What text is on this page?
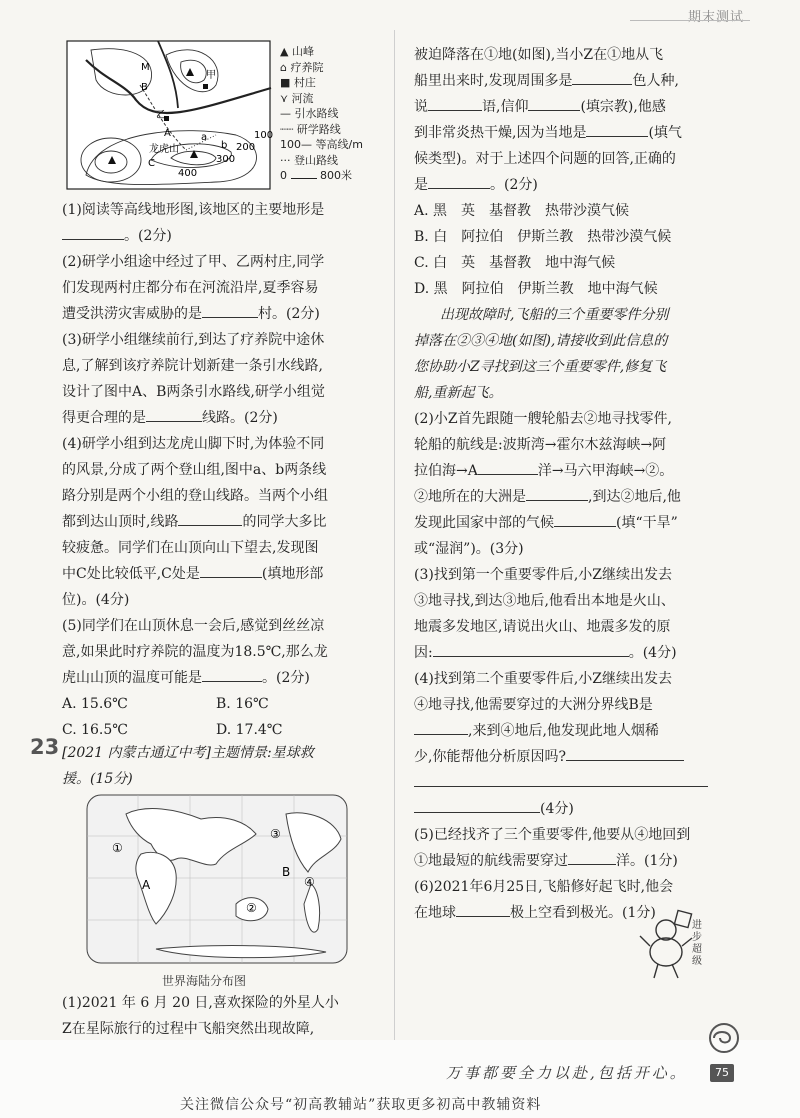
期末测试
M
B
甲
乙
a
b
C
龙虎山
400
300
200
100
A
▲ 山峰
⌂ 疗养院
■ 村庄
⋎ 河流
— 引水路线
┈┈ 研学路线
100— 等高线/m
··· 登山路线
0	800米
(1)阅读等高线地形图,该地区的主要地形是
。(2分)
(2)研学小组途中经过了甲、乙两村庄,同学
们发现两村庄都分布在河流沿岸,夏季容易
遭受洪涝灾害威胁的是	村。(2分)
(3)研学小组继续前行,到达了疗养院中途休
息,了解到该疗养院计划新建一条引水线路,
设计了图中A、B两条引水路线,研学小组觉
得更合理的是	线路。(2分)
(4)研学小组到达龙虎山脚下时,为体验不同
的风景,分成了两个登山组,图中a、b两条线
路分别是两个小组的登山线路。当两个小组
都到达山顶时,线路	的同学大多比
较疲惫。同学们在山顶向山下望去,发现图
中C处比较低平,C处是	(填地形部
位)。(4分)
(5)同学们在山顶休息一会后,感觉到丝丝凉
意,如果此时疗养院的温度为18.5℃,那么龙
虎山山顶的温度可能是	。(2分)
A. 15.6℃	B. 16℃
C. 16.5℃	D. 17.4℃
23 [2021 内蒙古通辽中考]主题情景:星球救
援。(15分)
①
②
③
④
A
B
世界海陆分布图
(1)2021 年 6 月 20 日,喜欢探险的外星人小
Z在星际旅行的过程中飞船突然出现故障,
被迫降落在①地(如图),当小Z在①地从飞
船里出来时,发现周围多是	色人种,
说	语,信仰	(填宗教),他感
到非常炎热干燥,因为当地是	(填气
候类型)。对于上述四个问题的回答,正确的
是	。(2分)
A. 黑　英　基督教　热带沙漠气候
B. 白　阿拉伯　伊斯兰教　热带沙漠气候
C. 白　英　基督教　地中海气候
D. 黑　阿拉伯　伊斯兰教　地中海气候
出现故障时,飞船的三个重要零件分别
掉落在②③④地(如图),请接收到此信息的
您协助小Z寻找到这三个重要零件,修复飞
船,重新起飞。
(2)小Z首先跟随一艘轮船去②地寻找零件,
轮船的航线是:波斯湾→霍尔木兹海峡→阿
拉伯海→A	洋→马六甲海峡→②。
②地所在的大洲是	,到达②地后,他
发现此国家中部的气候	(填“干旱”
或“湿润”)。(3分)
(3)找到第一个重要零件后,小Z继续出发去
③地寻找,到达③地后,他看出本地是火山、
地震多发地区,请说出火山、地震多发的原
因:	。(4分)
(4)找到第二个重要零件后,小Z继续出发去
④地寻找,他需要穿过的大洲分界线B是
,来到④地后,他发现此地人烟稀
少,你能帮他分析原因吗?
(4分)
(5)已经找齐了三个重要零件,他要从④地回到
①地最短的航线需要穿过	洋。(1分)
(6)2021年6月25日,飞船修好起飞时,他会
在地球	极上空看到极光。(1分)
进步超级
万事都要全力以赴,包括开心。	75
关注微信公众号“初高教辅站”获取更多初高中教辅资料
